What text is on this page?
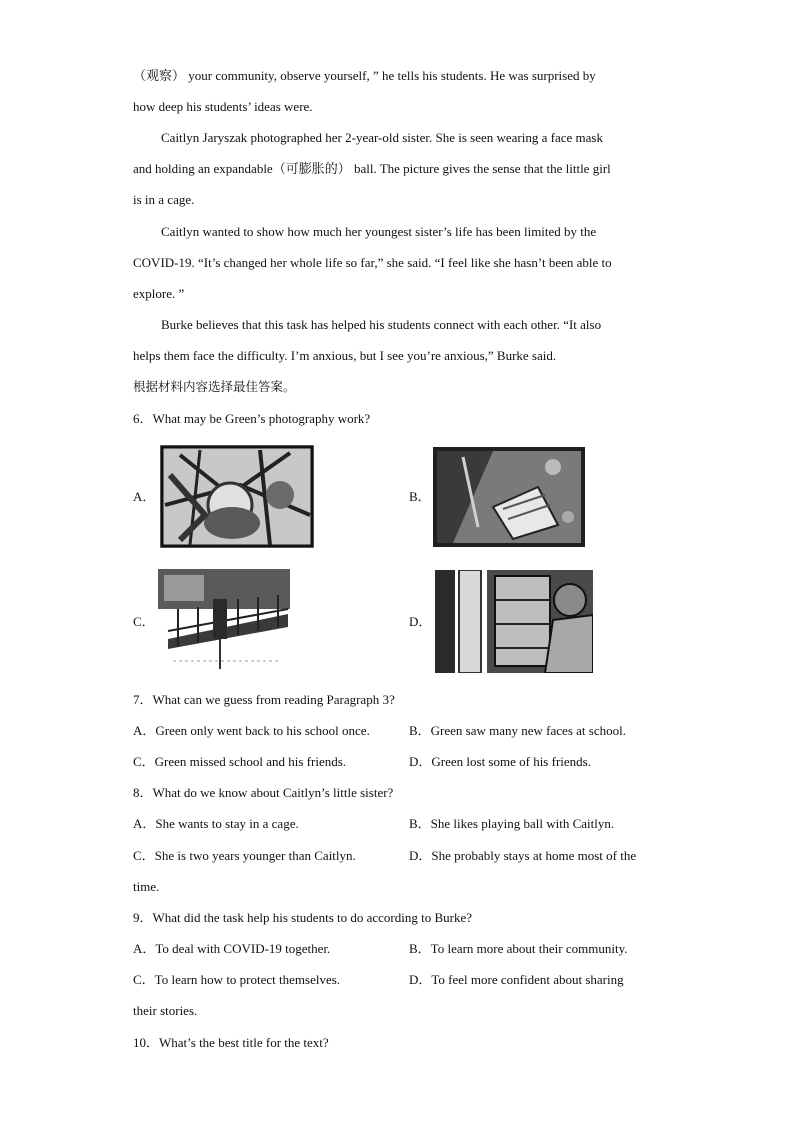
（观察） your community, observe yourself, ” he tells his students. He was surprised by
how deep his students’ ideas were.
Caitlyn Jaryszak photographed her 2-year-old sister. She is seen wearing a face mask
and holding an expandable（可膨胀的） ball. The picture gives the sense that the little girl
is in a cage.
Caitlyn wanted to show how much her youngest sister’s life has been limited by the
COVID-19. “It’s changed her whole life so far,” she said. “I feel like she hasn’t been able to
explore. ”
Burke believes that this task has helped his students connect with each other. “It also
helps them face the difficulty. I’m anxious, but I see you’re anxious,” Burke said.
根据材料内容选择最佳答案。
6．What may be Green’s photography work?
A．	B．
C．	D．
7．What can we guess from reading Paragraph 3?
A．Green only went back to his school once.	B．Green saw many new faces at school.
C．Green missed school and his friends.	D．Green lost some of his friends.
8．What do we know about Caitlyn’s little sister?
A．She wants to stay in a cage.	B．She likes playing ball with Caitlyn.
C．She is two years younger than Caitlyn.	D．She probably stays at home most of the
time.
9．What did the task help his students to do according to Burke?
A．To deal with COVID-19 together.	B．To learn more about their community.
C．To learn how to protect themselves.	D．To feel more confident about sharing
their stories.
10．What’s the best title for the text?
